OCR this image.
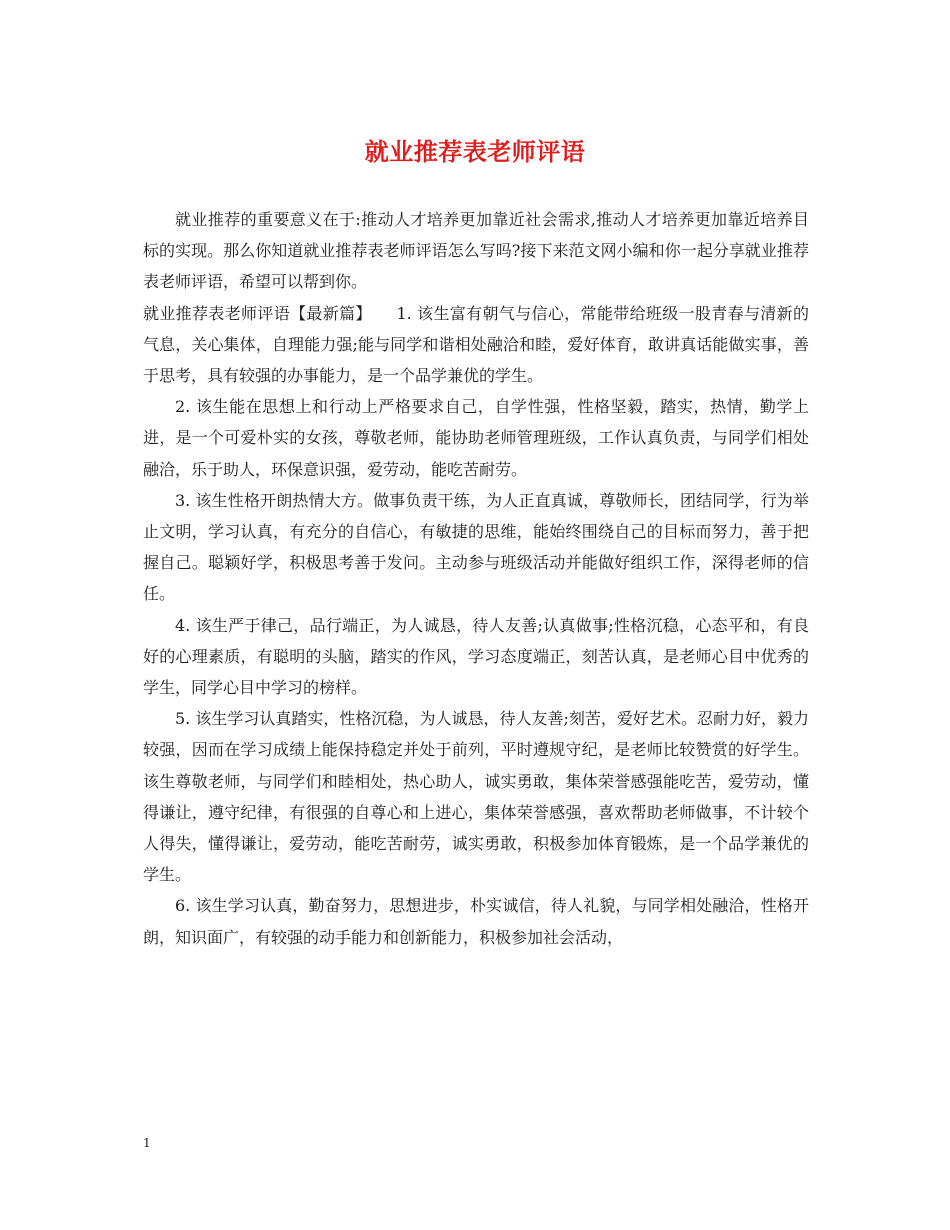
就业推荐表老师评语

就业推荐的重要意义在于:推动人才培养更加靠近社会需求,推动人才培养更加靠近培养目标的实现。那么你知道就业推荐表老师评语怎么写吗?接下来范文网小编和你一起分享就业推荐表老师评语，希望可以帮到你。

就业推荐表老师评语【最新篇】　　1. 该生富有朝气与信心，常能带给班级一股青春与清新的气息，关心集体，自理能力强;能与同学和谐相处融洽和睦，爱好体育，敢讲真话能做实事，善于思考，具有较强的办事能力，是一个品学兼优的学生。

2. 该生能在思想上和行动上严格要求自己，自学性强，性格坚毅，踏实，热情，勤学上进，是一个可爱朴实的女孩，尊敬老师，能协助老师管理班级，工作认真负责，与同学们相处融洽，乐于助人，环保意识强，爱劳动，能吃苦耐劳。

3. 该生性格开朗热情大方。做事负责干练，为人正直真诚，尊敬师长，团结同学，行为举止文明，学习认真，有充分的自信心，有敏捷的思维，能始终围绕自己的目标而努力，善于把握自己。聪颖好学，积极思考善于发问。主动参与班级活动并能做好组织工作，深得老师的信任。

4. 该生严于律己，品行端正，为人诚恳，待人友善;认真做事;性格沉稳，心态平和，有良好的心理素质，有聪明的头脑，踏实的作风，学习态度端正，刻苦认真，是老师心目中优秀的学生，同学心目中学习的榜样。

5. 该生学习认真踏实，性格沉稳，为人诚恳，待人友善;刻苦，爱好艺术。忍耐力好，毅力较强，因而在学习成绩上能保持稳定并处于前列，平时遵规守纪，是老师比较赞赏的好学生。该生尊敬老师，与同学们和睦相处，热心助人，诚实勇敢，集体荣誉感强能吃苦，爱劳动，懂得谦让，遵守纪律，有很强的自尊心和上进心，集体荣誉感强，喜欢帮助老师做事，不计较个人得失，懂得谦让，爱劳动，能吃苦耐劳，诚实勇敢，积极参加体育锻炼，是一个品学兼优的学生。

6. 该生学习认真，勤奋努力，思想进步，朴实诚信，待人礼貌，与同学相处融洽，性格开朗，知识面广，有较强的动手能力和创新能力，积极参加社会活动，

1
